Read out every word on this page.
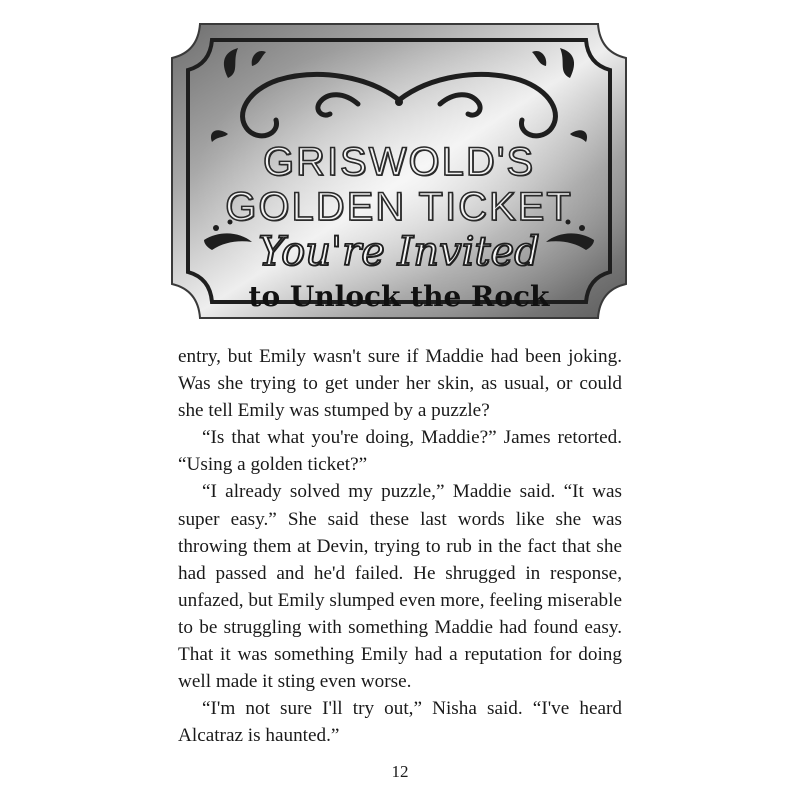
GRISWOLD'S
GOLDEN TICKET
You're Invited
to Unlock the Rock

entry, but Emily wasn't sure if Maddie had been joking. Was she trying to get under her skin, as usual, or could she tell Emily was stumped by a puzzle?

“Is that what you're doing, Maddie?” James retorted. “Using a golden ticket?”

“I already solved my puzzle,” Maddie said. “It was super easy.” She said these last words like she was throwing them at Devin, trying to rub in the fact that she had passed and he'd failed. He shrugged in response, unfazed, but Emily slumped even more, feeling miserable to be struggling with something Maddie had found easy. That it was something Emily had a reputation for doing well made it sting even worse.

“I'm not sure I'll try out,” Nisha said. “I've heard Alcatraz is haunted.”

12
